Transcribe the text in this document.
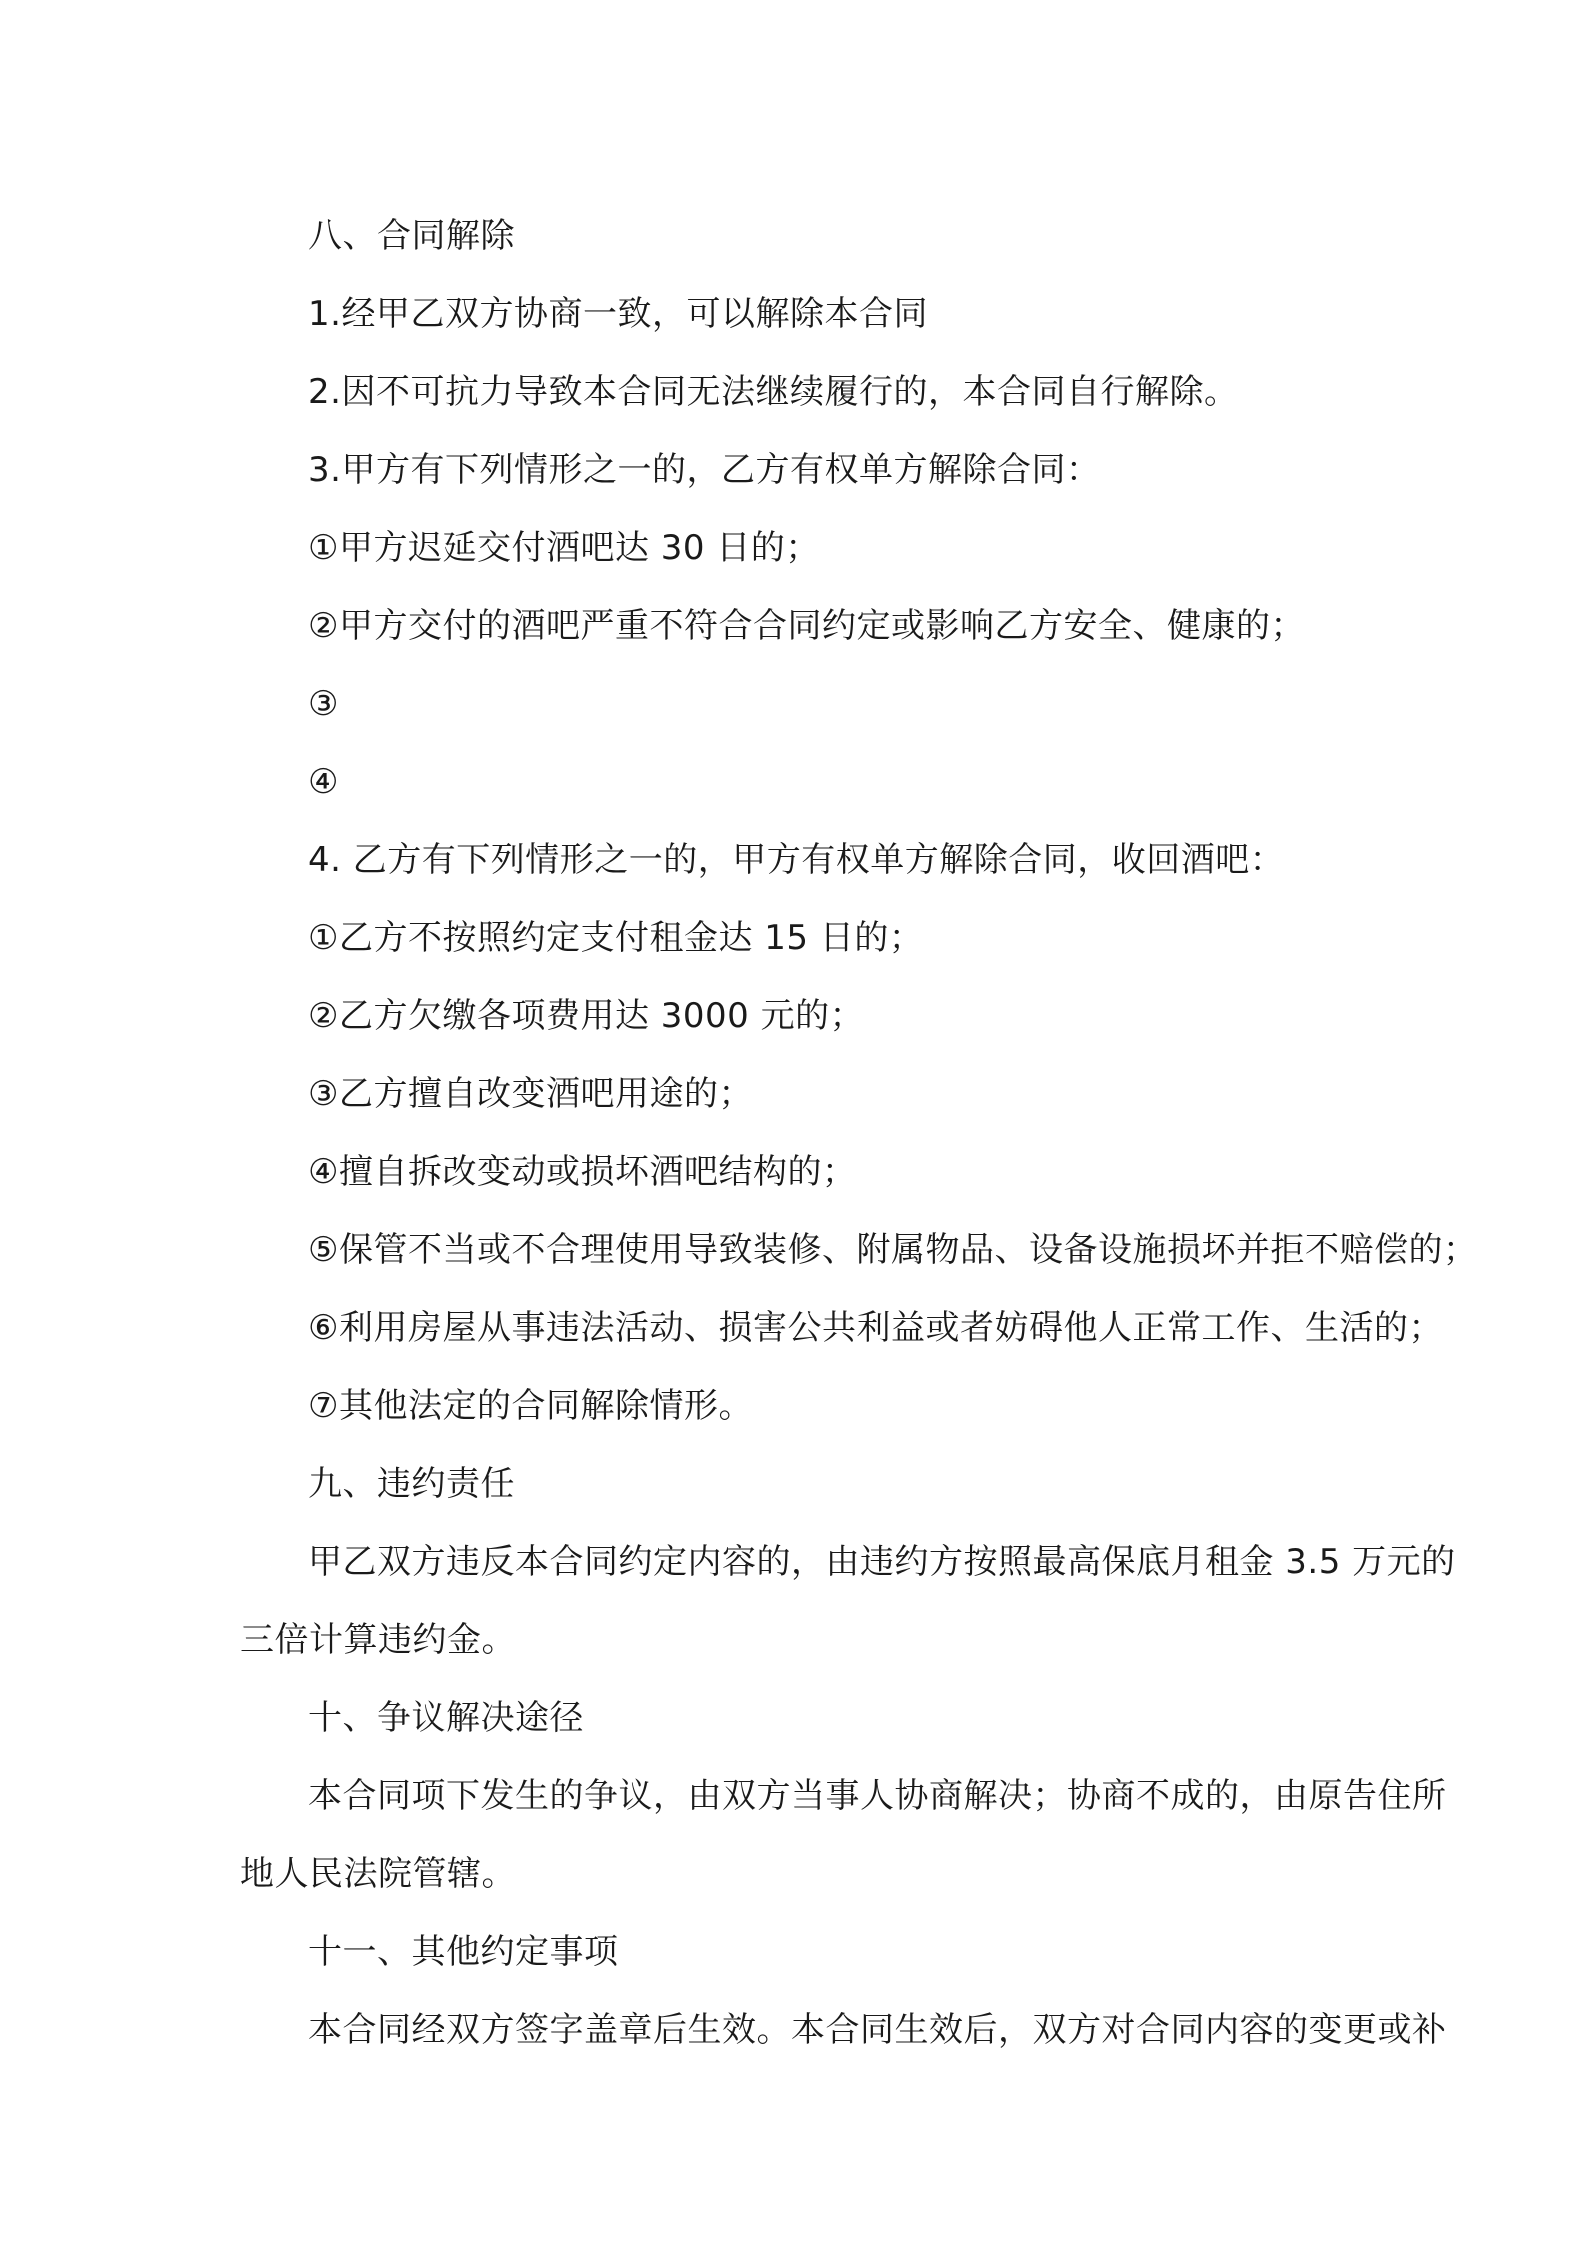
八、合同解除
1.经甲乙双方协商一致，可以解除本合同
2.因不可抗力导致本合同无法继续履行的，本合同自行解除。
3.甲方有下列情形之一的，乙方有权单方解除合同：
①甲方迟延交付酒吧达 30 日的；
②甲方交付的酒吧严重不符合合同约定或影响乙方安全、健康的；
③
④
4. 乙方有下列情形之一的，甲方有权单方解除合同，收回酒吧：
①乙方不按照约定支付租金达 15 日的；
②乙方欠缴各项费用达 3000 元的；
③乙方擅自改变酒吧用途的；
④擅自拆改变动或损坏酒吧结构的；
⑤保管不当或不合理使用导致装修、附属物品、设备设施损坏并拒不赔偿的；
⑥利用房屋从事违法活动、损害公共利益或者妨碍他人正常工作、生活的；
⑦其他法定的合同解除情形。
九、违约责任
甲乙双方违反本合同约定内容的，由违约方按照最高保底月租金 3.5 万元的
三倍计算违约金。
十、争议解决途径
本合同项下发生的争议，由双方当事人协商解决；协商不成的，由原告住所
地人民法院管辖。
十一、其他约定事项
本合同经双方签字盖章后生效。本合同生效后，双方对合同内容的变更或补
